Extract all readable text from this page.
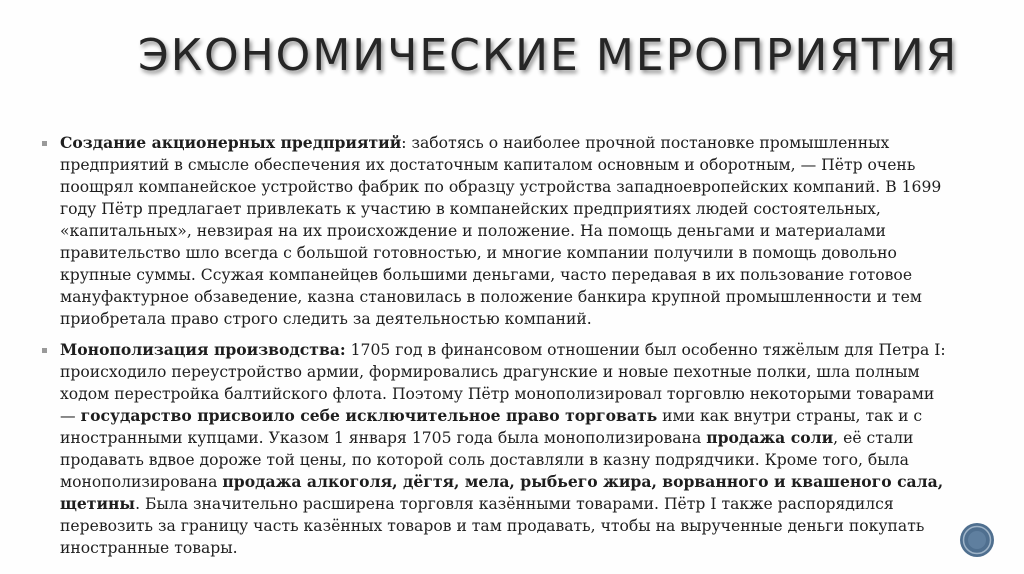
ЭКОНОМИЧЕСКИЕ МЕРОПРИЯТИЯ
Создание акционерных предприятий: заботясь о наиболее прочной постановке промышленных предприятий в смысле обеспечения их достаточным капиталом основным и оборотным, — Пётр очень поощрял компанейское устройство фабрик по образцу устройства западноевропейских компаний. В 1699 году Пётр предлагает привлекать к участию в компанейских предприятиях людей состоятельных, «капитальных», невзирая на их происхождение и положение. На помощь деньгами и материалами правительство шло всегда с большой готовностью, и многие компании получили в помощь довольно крупные суммы. Ссужая компанейцев большими деньгами, часто передавая в их пользование готовое мануфактурное обзаведение, казна становилась в положение банкира крупной промышленности и тем приобретала право строго следить за деятельностью компаний.
Монополизация производства: 1705 год в финансовом отношении был особенно тяжёлым для Петра I: происходило переустройство армии, формировались драгунские и новые пехотные полки, шла полным ходом перестройка балтийского флота. Поэтому Пётр монополизировал торговлю некоторыми товарами — государство присвоило себе исключительное право торговать ими как внутри страны, так и с иностранными купцами. Указом 1 января 1705 года была монополизирована продажа соли, её стали продавать вдвое дороже той цены, по которой соль доставляли в казну подрядчики. Кроме того, была монополизирована продажа алкоголя, дёгтя, мела, рыбьего жира, ворванного и квашеного сала, щетины. Была значительно расширена торговля казёнными товарами. Пётр I также распорядился перевозить за границу часть казённых товаров и там продавать, чтобы на вырученные деньги покупать иностранные товары.
